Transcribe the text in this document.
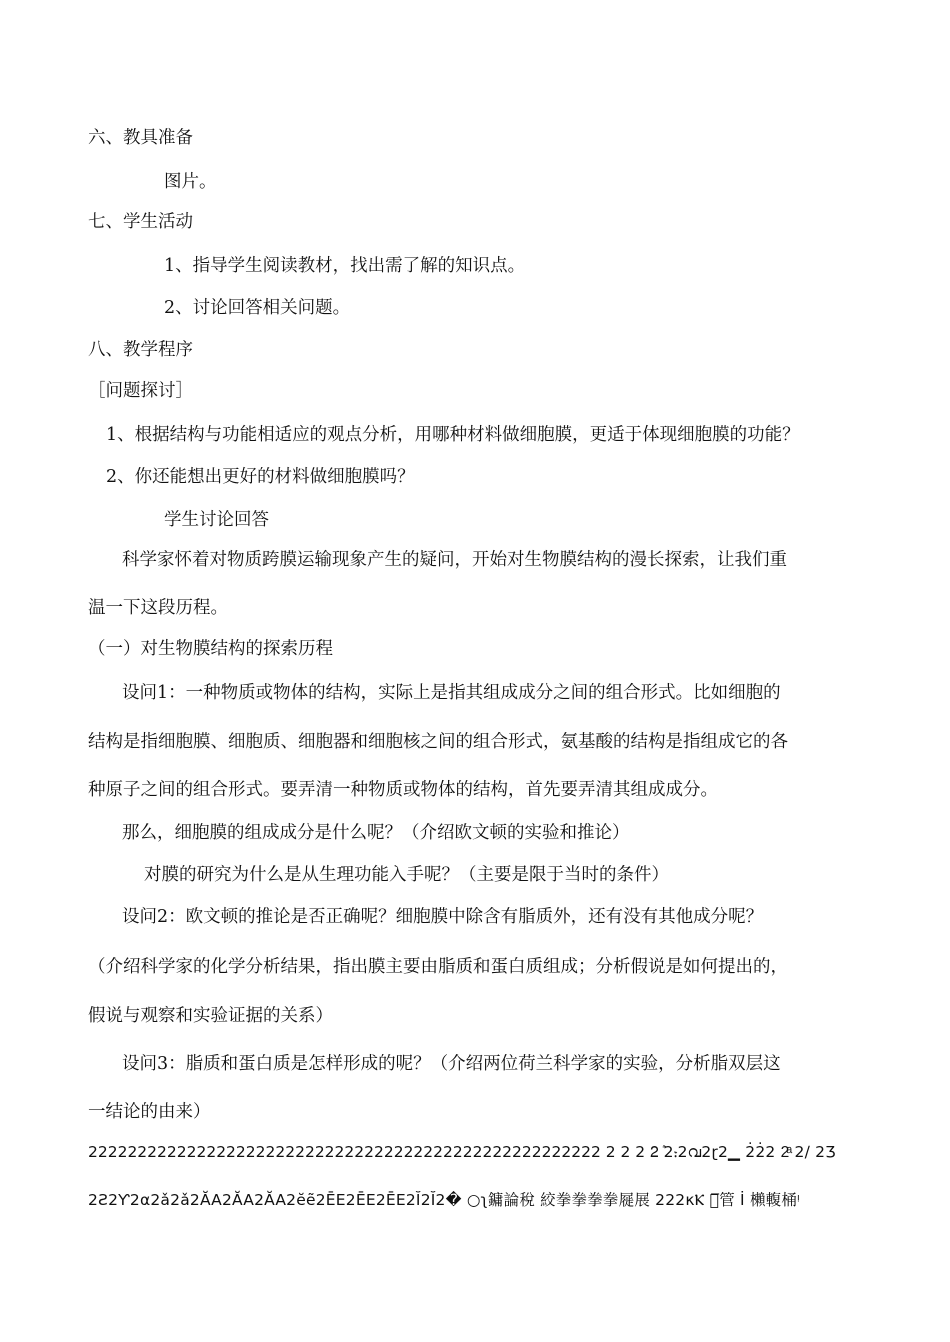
六、教具准备
图片。
七、学生活动
1、指导学生阅读教材，找出需了解的知识点。
2、讨论回答相关问题。
八、教学程序
［问题探讨］
1、根据结构与功能相适应的观点分析，用哪种材料做细胞膜，更适于体现细胞膜的功能？
2、你还能想出更好的材料做细胞膜吗？
学生讨论回答
科学家怀着对物质跨膜运输现象产生的疑问，开始对生物膜结构的漫长探索，让我们重
温一下这段历程。
（一）对生物膜结构的探索历程
设问1：一种物质或物体的结构，实际上是指其组成成分之间的组合形式。比如细胞的
结构是指细胞膜、细胞质、细胞器和细胞核之间的组合形式，氨基酸的结构是指组成它的各
种原子之间的组合形式。要弄清一种物质或物体的结构，首先要弄清其组成成分。
那么，细胞膜的组成成分是什么呢？（介绍欧文顿的实验和推论）
对膜的研究为什么是从生理功能入手呢？（主要是限于当时的条件）
设问2：欧文顿的推论是否正确呢？细胞膜中除含有脂质外，还有没有其他成分呢？
（介绍科学家的化学分析结果，指出膜主要由脂质和蛋白质组成；分析假说是如何提出的，
假说与观察和实验证据的关系）
设问3：脂质和蛋白质是怎样形成的呢？（介绍两位荷兰科学家的实验，分析脂双层这
一结论的由来）
2222222222222222222222222222222222222222222222222222 2 2 2 2ܶ 2⹎2വ2ɽ2▁ 2̇2̇2 2ͣ 2∕ 2Ʒ
2Ƨ2Ƴ2α2ǎ2ǎ2ĂA2ĂA2ĂA2ĕẽ2ĒE2ĒE2ĒE2Ĭ2Ĭ2� ○ʅ鏞論稅 絞拳拳拳拳屣展 222κⲔ 齣̅管 İ 櫴輹桶ᵎ
